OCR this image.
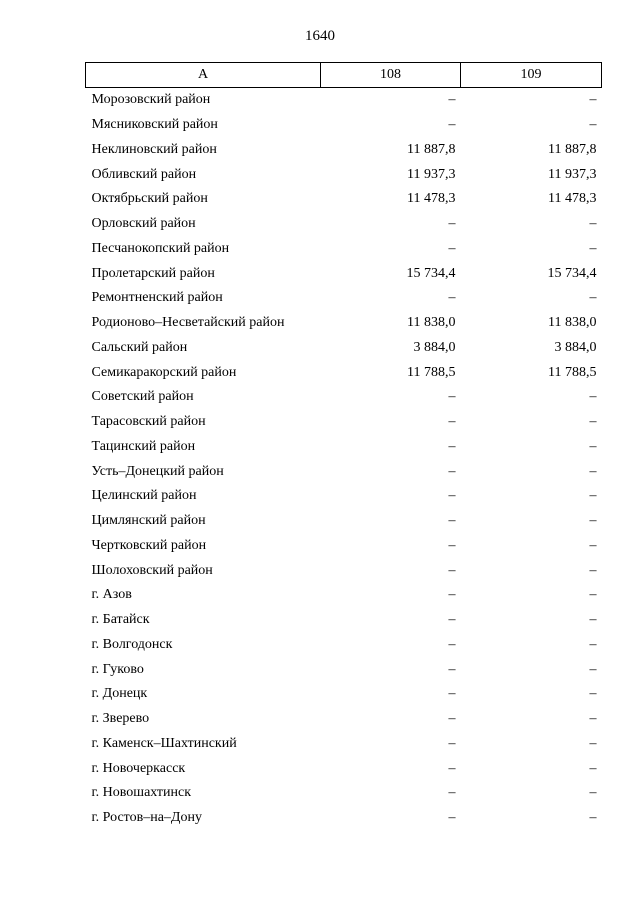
1640
А	108	109
Морозовский район	–	–
Мясниковский район	–	–
Неклиновский район	11 887,8	11 887,8
Обливский район	11 937,3	11 937,3
Октябрьский район	11 478,3	11 478,3
Орловский район	–	–
Песчанокопский район	–	–
Пролетарский район	15 734,4	15 734,4
Ремонтненский район	–	–
Родионово–Несветайский район	11 838,0	11 838,0
Сальский район	3 884,0	3 884,0
Семикаракорский район	11 788,5	11 788,5
Советский район	–	–
Тарасовский район	–	–
Тацинский район	–	–
Усть–Донецкий район	–	–
Целинский район	–	–
Цимлянский район	–	–
Чертковский район	–	–
Шолоховский район	–	–
г. Азов	–	–
г. Батайск	–	–
г. Волгодонск	–	–
г. Гуково	–	–
г. Донецк	–	–
г. Зверево	–	–
г. Каменск–Шахтинский	–	–
г. Новочеркасск	–	–
г. Новошахтинск	–	–
г. Ростов–на–Дону	–	–
